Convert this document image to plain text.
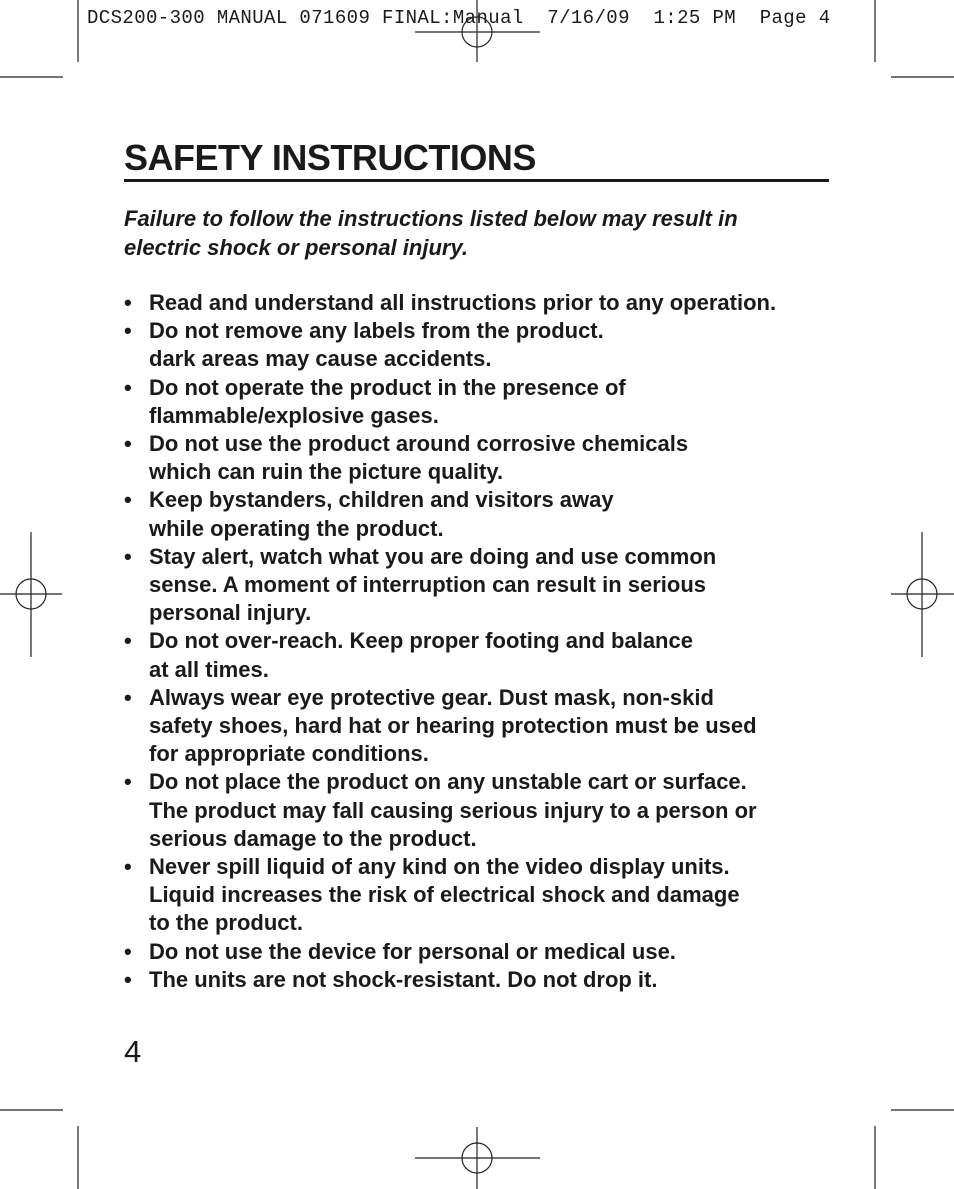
DCS200-300 MANUAL 071609 FINAL:Manual  7/16/09  1:25 PM  Page 4

SAFETY INSTRUCTIONS

Failure to follow the instructions listed below may result in
electric shock or personal injury.

• Read and understand all instructions prior to any operation.
• Do not remove any labels from the product.
dark areas may cause accidents.
• Do not operate the product in the presence of
flammable/explosive gases.
• Do not use the product around corrosive chemicals
which can ruin the picture quality.
• Keep bystanders, children and visitors away
while operating the product.
• Stay alert, watch what you are doing and use common
sense. A moment of interruption can result in serious
personal injury.
• Do not over-reach. Keep proper footing and balance
at all times.
• Always wear eye protective gear. Dust mask, non-skid
safety shoes, hard hat or hearing protection must be used
for appropriate conditions.
• Do not place the product on any unstable cart or surface.
The product may fall causing serious injury to a person or
serious damage to the product.
• Never spill liquid of any kind on the video display units.
Liquid increases the risk of electrical shock and damage
to the product.
• Do not use the device for personal or medical use.
• The units are not shock-resistant. Do not drop it.

4
